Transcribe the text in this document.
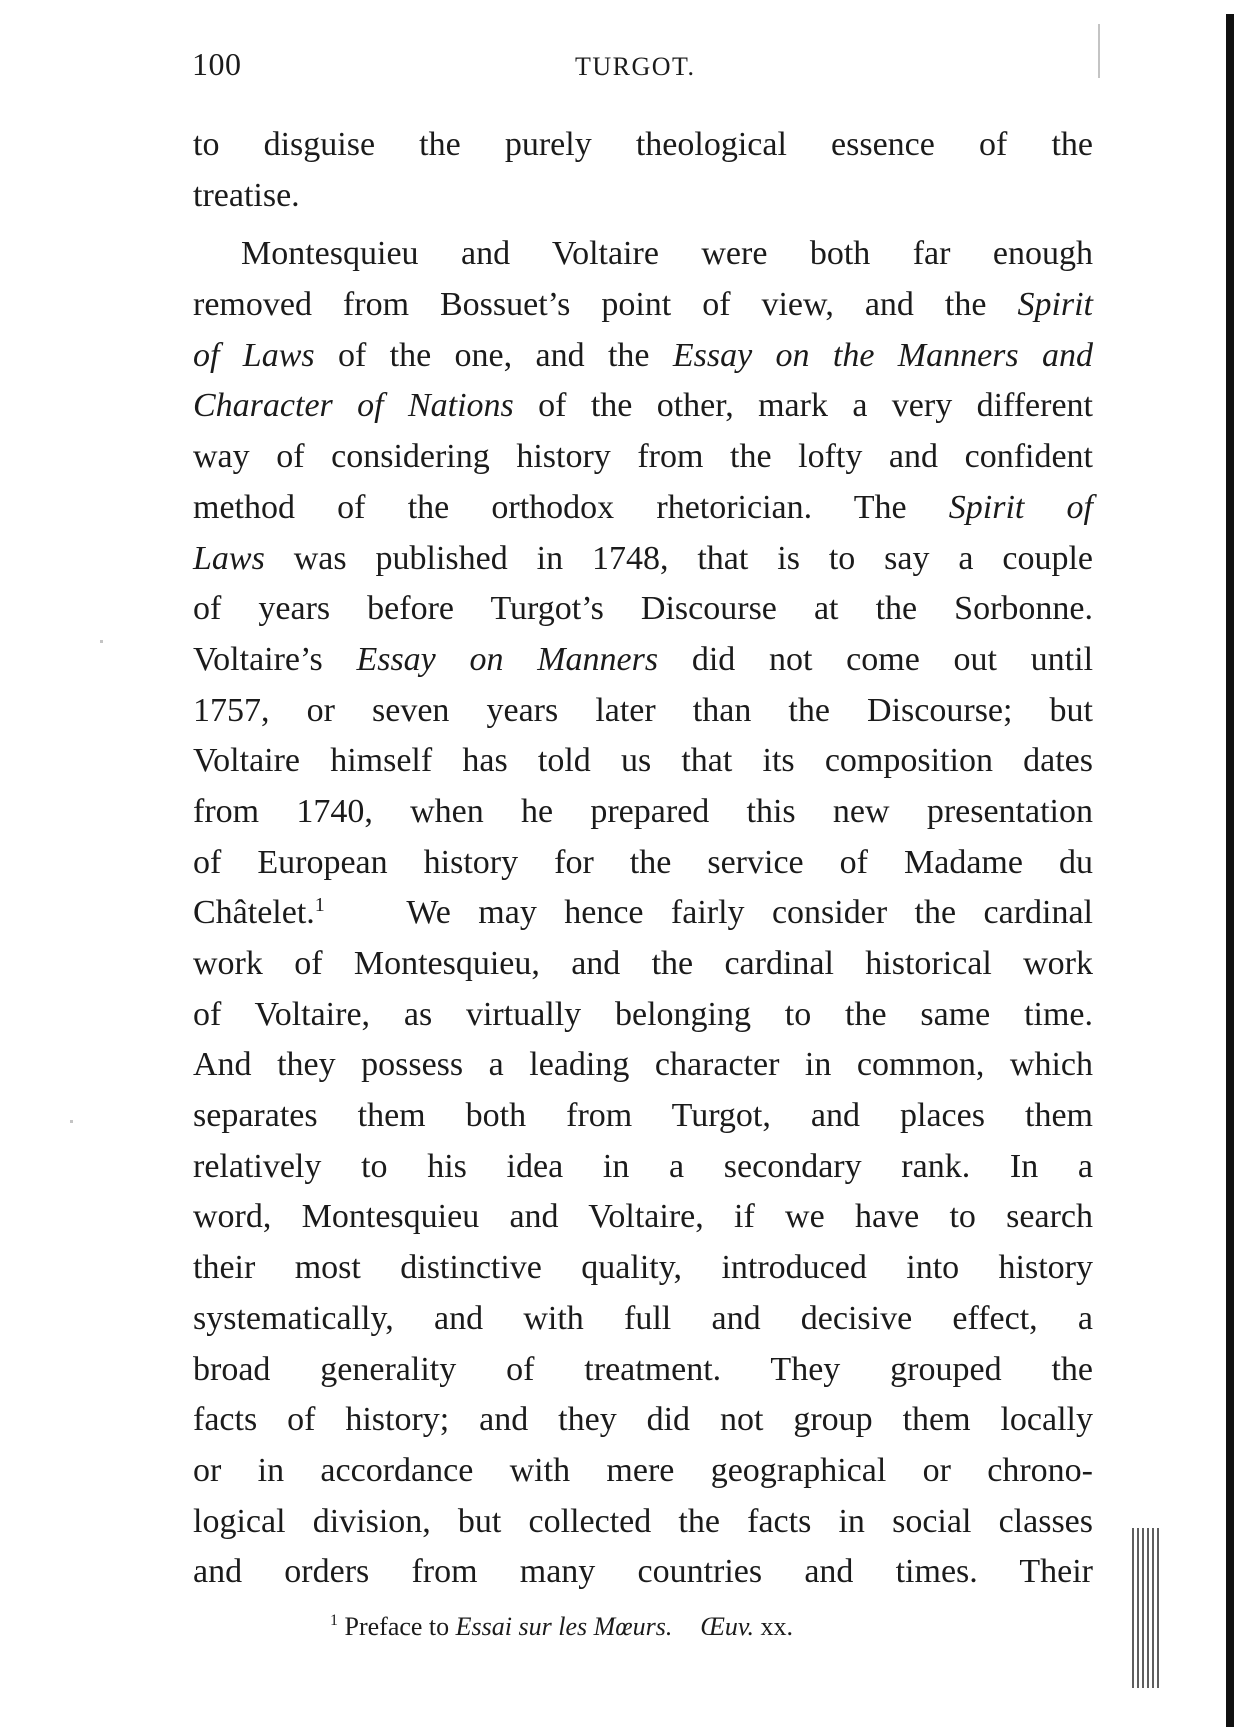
100	TURGOT.
to disguise the purely theological essence of the
treatise.
Montesquieu and Voltaire were both far enough
removed from Bossuet’s point of view, and the Spirit
of Laws of the one, and the Essay on the Manners and
Character of Nations of the other, mark a very different
way of considering history from the lofty and confident
method of the orthodox rhetorician. The Spirit of
Laws was published in 1748, that is to say a couple
of years before Turgot’s Discourse at the Sorbonne.
Voltaire’s Essay on Manners did not come out until
1757, or seven years later than the Discourse; but
Voltaire himself has told us that its composition dates
from 1740, when he prepared this new presentation
of European history for the service of Madame du
Châtelet.$^1$ We may hence fairly consider the cardinal
work of Montesquieu, and the cardinal historical work
of Voltaire, as virtually belonging to the same time.
And they possess a leading character in common, which
separates them both from Turgot, and places them
relatively to his idea in a secondary rank. In a
word, Montesquieu and Voltaire, if we have to search
their most distinctive quality, introduced into history
systematically, and with full and decisive effect, a
broad generality of treatment. They grouped the
facts of history; and they did not group them locally
or in accordance with mere geographical or chrono-
logical division, but collected the facts in social classes
and orders from many countries and times. Their
$^1$ Preface to Essai sur les Mœurs. Œuv. xx.
